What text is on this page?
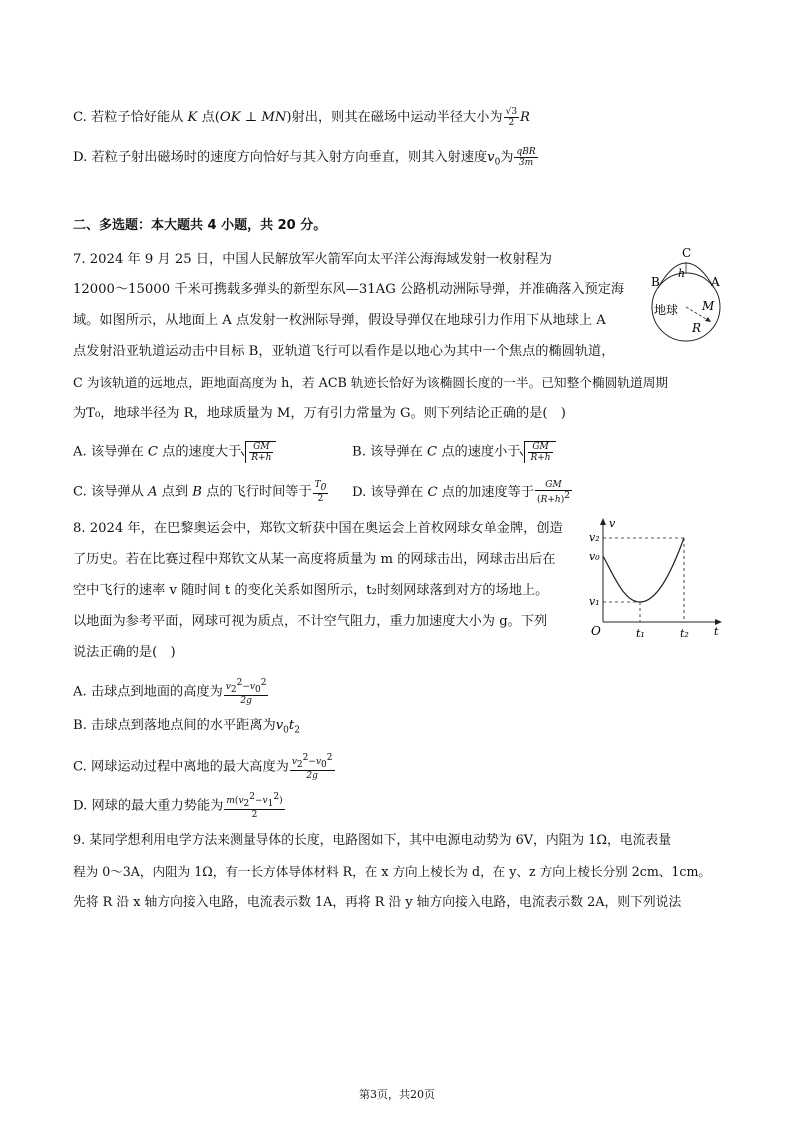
C. 若粒子恰好能从 K 点(OK ⊥ MN)射出，则其在磁场中运动半径大小为 $\frac{√3}{2}$ R
D. 若粒子射出磁场时的速度方向恰好与其入射方向垂直，则其入射速度$v_0$为 $\frac{\text{qBR}}{3m}$
二、多选题：本大题共 4 小题，共 20 分。
7. 2024 年 9 月 25 日，中国人民解放军火箭军向太平洋公海海域发射一枚射程为
12000～15000 千米可携载多弹头的新型东风—31AG 公路机动洲际导弹，并准确落入预定海
域。如图所示，从地面上 A 点发射一枚洲际导弹，假设导弹仅在地球引力作用下从地球上 A
点发射沿亚轨道运动击中目标 B，亚轨道飞行可以看作是以地心为其中一个焦点的椭圆轨道，
C 为该轨道的远地点，距地面高度为 h，若 ACB 轨迹长恰好为该椭圆长度的一半。已知整个椭圆轨道周期
为T₀，地球半径为 R，地球质量为 M，万有引力常量为 G。则下列结论正确的是(　)
A. 该导弹在 C 点的速度大于 $\frac{GM}{R+h}$	B. 该导弹在 C 点的速度小于 $\frac{GM}{R+h}$
C. 该导弹从 A 点到 B 点的飞行时间等于 $\frac{T_0}{2} D$. 该导弹在 C 点的加速度等于 $\frac{GM}{(R+h)^2}$
C
B	A
h
地球 M
R
8. 2024 年，在巴黎奥运会中，郑钦文斩获中国在奥运会上首枚网球女单金牌，创造
了历史。若在比赛过程中郑钦文从某一高度将质量为 m 的网球击出，网球击出后在
空中飞行的速率 v 随时间 t 的变化关系如图所示，t₂时刻网球落到对方的场地上。
以地面为参考平面，网球可视为质点，不计空气阻力，重力加速度大小为 g。下列
说法正确的是(　)
A. 击球点到地面的高度为 $\frac{v_2^2-v_0^2}{2g}$
B. 击球点到落地点间的水平距离为$v_0t_2$
C. 网球运动过程中离地的最大高度为 $\frac{v_2^2-v_0^2}{2g}$
D. 网球的最大重力势能为 $\frac{m(v_2^2-v_1^2)}{2}$
v₂
v₀
v₁
v
O	t₁	t₂ t
9. 某同学想利用电学方法来测量导体的长度，电路图如下，其中电源电动势为 6V，内阻为 1Ω，电流表量
程为 0～3A，内阻为 1Ω，有一长方体导体材料 R，在 x 方向上棱长为 d，在 y、z 方向上棱长分别 2cm、1cm。
先将 R 沿 x 轴方向接入电路，电流表示数 1A，再将 R 沿 y 轴方向接入电路，电流表示数 2A，则下列说法
第3页，共20页
